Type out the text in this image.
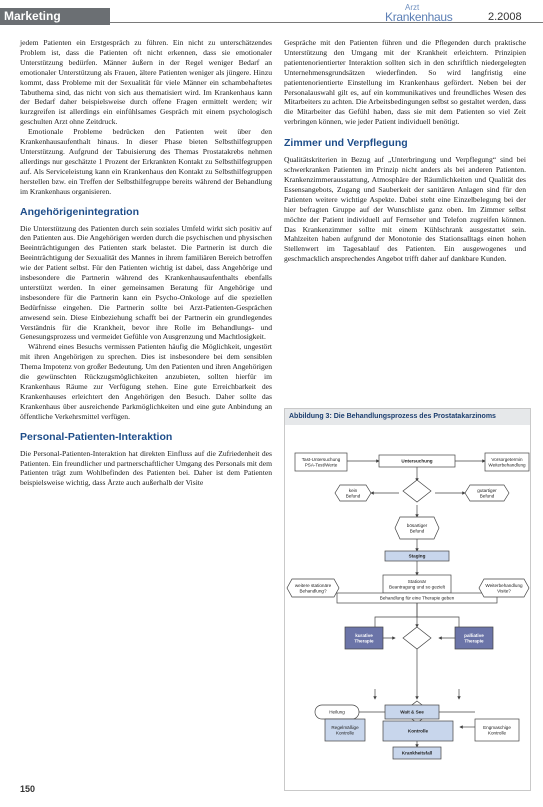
Marketing
Arzt
Krankenhaus	2.2008

jedem Patienten ein Erstgespräch zu führen. Ein nicht zu unterschätzendes Problem ist, dass die Patienten oft nicht erkennen, dass sie emotionaler Unterstützung bedürfen. Männer äußern in der Regel weniger Bedarf an emotionaler Unterstützung als Frauen, ältere Patienten weniger als jüngere. Hinzu kommt, dass Probleme mit der Sexualität für viele Männer ein schambehaftetes Tabuthema sind, das nicht von sich aus thematisiert wird. Im Krankenhaus kann der Bedarf daher beispielsweise durch offene Fragen ermittelt werden; wir kurzgreifen ist allerdings ein einfühlsames Gespräch mit einem psychologisch geschulten Arzt ohne Zeitdruck.

Emotionale Probleme bedrücken den Patienten weit über den Krankenhausaufenthalt hinaus. In dieser Phase bieten Selbsthilfegruppen Unterstützung. Aufgrund der Tabuisierung des Themas Prostatakrebs nehmen allerdings nur geschätzte 1 Prozent der Erkrankten Kontakt zu Selbsthilfegruppen auf. Als Serviceleistung kann ein Krankenhaus den Kontakt zu Selbsthilfegruppen herstellen bzw. ein Treffen der Selbsthilfegruppe bereits während der Behandlung im Krankenhaus organisieren.

Angehörigenintegration

Die Unterstützung des Patienten durch sein soziales Umfeld wirkt sich positiv auf den Patienten aus. Die Angehörigen werden durch die psychischen und physischen Beeinträchtigungen des Patienten stark belastet. Die Partnerin ist durch die Beeinträchtigung der Sexualität des Mannes in ihrem familiären Bereich betroffen wie der Patient selbst. Für den Patienten wichtig ist dabei, dass Angehörige und insbesondere die Partnerin während des Krankenhausaufenthalts ebenfalls unterstützt werden. In einer gemeinsamen Beratung für Angehörige und insbesondere für die Partnerin kann ein Psycho-Onkologe auf die speziellen Bedürfnisse eingehen. Die Partnerin sollte bei Arzt-Patienten-Gesprächen anwesend sein. Diese Einbeziehung schafft bei der Partnerin ein grundlegendes Verständnis für die Krankheit, bevor ihre Rolle im Behandlungs- und Genesungsprozess und vermeidet Gefühle von Ausgrenzung und Machtlosigkeit.

Während eines Besuchs vermissen Patienten häufig die Möglichkeit, ungestört mit ihren Angehörigen zu sprechen. Dies ist insbesondere bei dem sensiblen Thema Impotenz von großer Bedeutung. Um den Patienten und ihren Angehörigen die gewünschten Rückzugsmöglichkeiten anzubieten, sollten hierfür im Krankenhaus Räume zur Verfügung stehen. Eine gute Erreichbarkeit des Krankenhauses erleichtert den Angehörigen den Besuch. Daher sollte das Krankenhaus über ausreichende Parkmöglichkeiten und eine gute Anbindung an öffentliche Verkehrsmittel verfügen.

Personal-Patienten-Interaktion

Die Personal-Patienten-Interaktion hat direkten Einfluss auf die Zufriedenheit des Patienten. Ein freundlicher und partnerschaftlicher Umgang des Personals mit dem Patienten trägt zum Wohlbefinden des Patienten bei. Daher ist dem Patienten beispielsweise wichtig, dass Ärzte auch außerhalb der Visite

Gespräche mit den Patienten führen und die Pflegenden durch praktische Unterstützung den Umgang mit der Krankheit erleichtern. Prinzipien patientenorientierter Interaktion sollten sich in den schriftlich niedergelegten Unternehmensgrundsätzen wiederfinden. So wird langfristig eine patientenorientierte Einstellung im Krankenhaus gefördert. Neben bei der Personalauswahl gilt es, auf ein kommunikatives und freundliches Wesen des Mitarbeiters zu achten. Die Arbeitsbedingungen selbst so gestaltet werden, dass die Mitarbeiter das Gefühl haben, dass sie mit dem Patienten so viel Zeit verbringen können, wie jeder Patient individuell benötigt.

Zimmer und Verpflegung

Qualitätskriterien in Bezug auf „Unterbringung und Verpflegung“ sind bei schwerkranken Patienten im Prinzip nicht anders als bei anderen Patienten. Krankenzimmerausstattung, Atmosphäre der Räumlichkeiten und Qualität des Essensangebots, Zugang und Sauberkeit der sanitären Anlagen sind für den Patienten weitere wichtige Aspekte. Dabei steht eine Einzelbelegung bei der hier befragten Gruppe auf der Wunschliste ganz oben. Im Zimmer selbst möchte der Patient individuell auf Fernseher und Telefon zugreifen können. Das Krankenzimmer sollte mit einem Kühlschrank ausgestattet sein. Mahlzeiten haben aufgrund der Monotonie des Stationsalltags einen hohen Stellenwert im Tagesablauf des Patienten. Ein ausgewogenes und geschmacklich ansprechendes Angebot trifft daher auf dankbare Kunden.

Abbildung 3: Die Behandlungsprozess des Prostatakarzinoms
Tast-Untersuchung
PSA-Test/Werte
Untersuchung	Vorsorgetermin
Weiterbehandlung
kein
Befund
gutartiger
Befund
bösartiger
Befund
Staging
Stationär
Beantragung und so gezielt
Behandlung für eine Therapie geben
weitere stationäre
Behandlung?
Weiterbehandlung
Visite?
kurative
Therapie
palliative
Therapie
Heilung	Wait & See
Regelmäßige
Kontrolle	Kontrolle
Engmaschige
Kontrolle
Krankheitsfall
150
